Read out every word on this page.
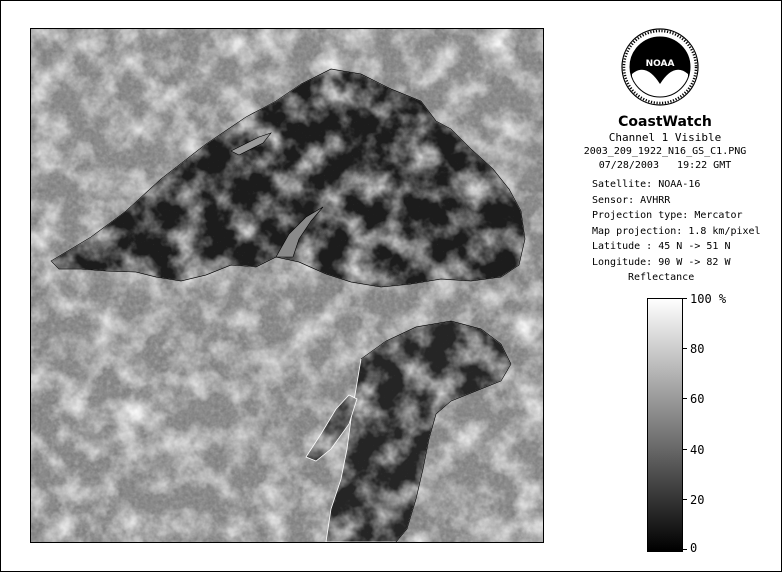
NOAA
CoastWatch
Channel 1 Visible
2003_209_1922_N16_GS_C1.PNG
07/28/2003 19:22 GMT
Satellite: NOAA-16
Sensor: AVHRR
Projection type: Mercator
Map projection: 1.8 km/pixel
Latitude : 45 N -> 51 N
Longitude: 90 W -> 82 W
Reflectance
100 %
80
60
40
20
0
